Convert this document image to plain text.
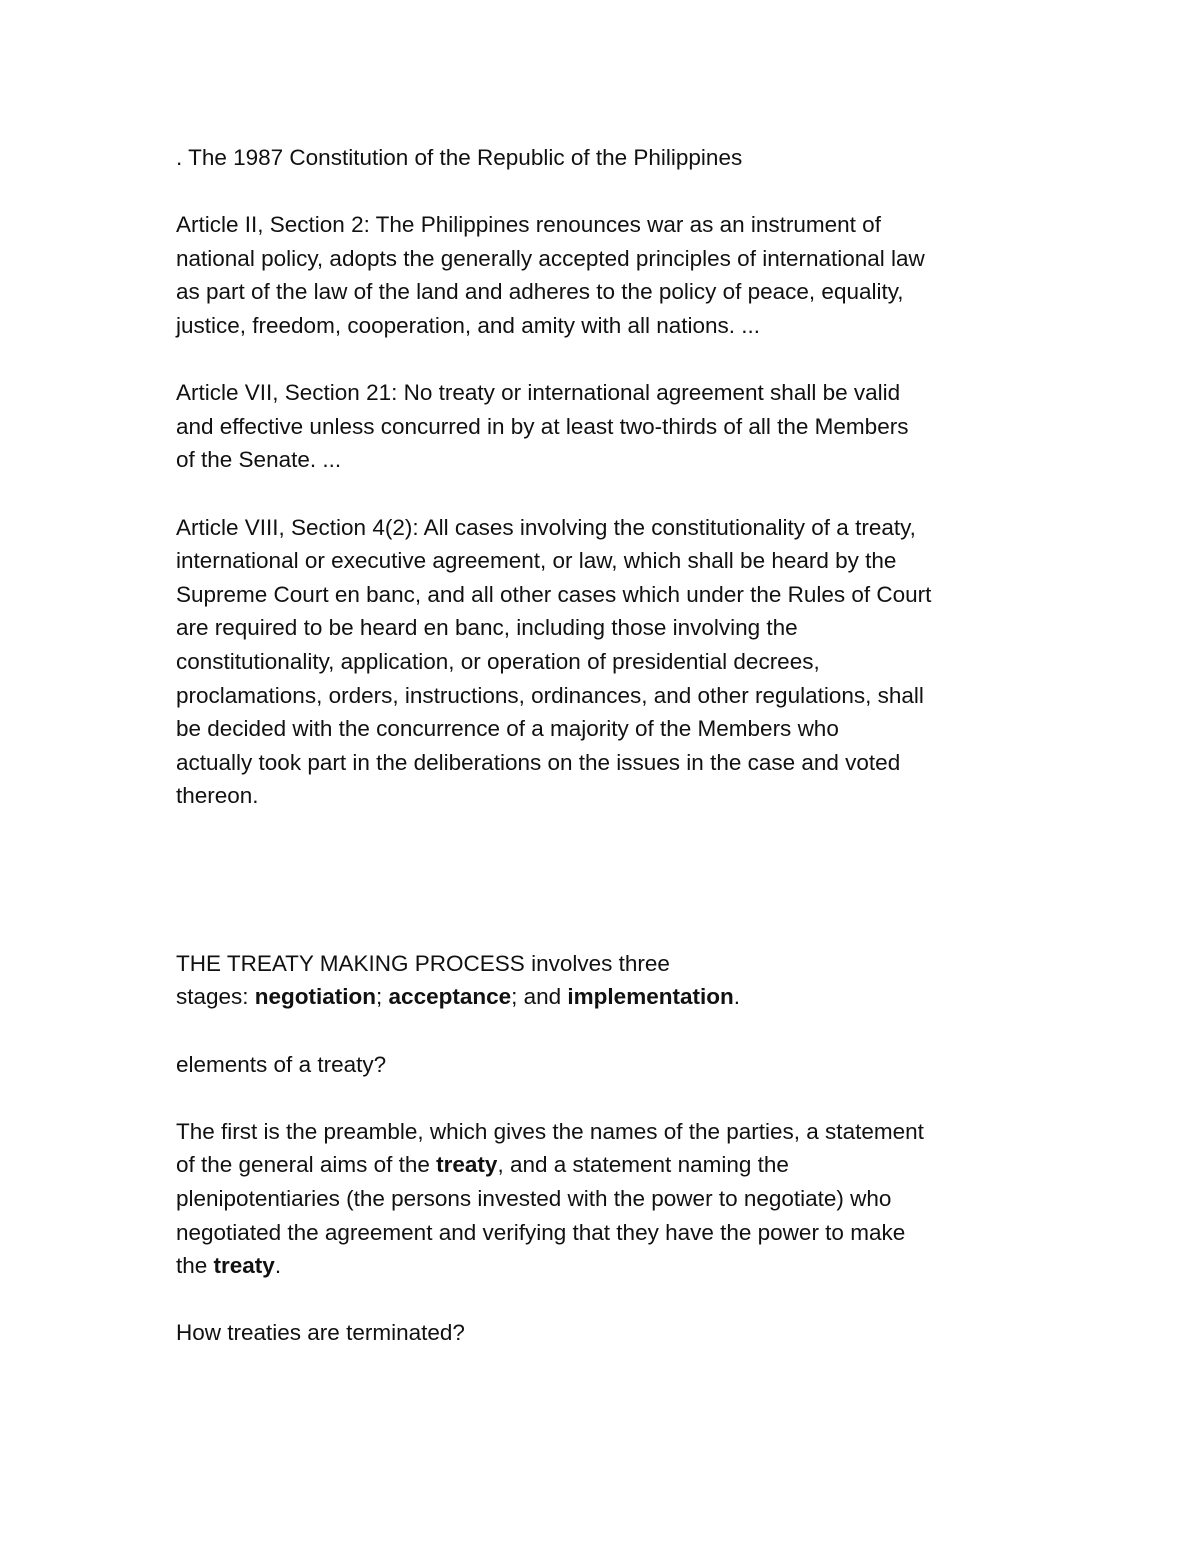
. The 1987 Constitution of the Republic of the Philippines

Article II, Section 2: The Philippines renounces war as an instrument of
national policy, adopts the generally accepted principles of international law
as part of the law of the land and adheres to the policy of peace, equality,
justice, freedom, cooperation, and amity with all nations. ...

Article VII, Section 21: No treaty or international agreement shall be valid
and effective unless concurred in by at least two-thirds of all the Members
of the Senate. ...

Article VIII, Section 4(2): All cases involving the constitutionality of a treaty,
international or executive agreement, or law, which shall be heard by the
Supreme Court en banc, and all other cases which under the Rules of Court
are required to be heard en banc, including those involving the
constitutionality, application, or operation of presidential decrees,
proclamations, orders, instructions, ordinances, and other regulations, shall
be decided with the concurrence of a majority of the Members who
actually took part in the deliberations on the issues in the case and voted
thereon.

THE TREATY MAKING PROCESS involves three
stages: negotiation; acceptance; and implementation.

elements of a treaty?

The first is the preamble, which gives the names of the parties, a statement
of the general aims of the treaty, and a statement naming the
plenipotentiaries (the persons invested with the power to negotiate) who
negotiated the agreement and verifying that they have the power to make
the treaty.

How treaties are terminated?
